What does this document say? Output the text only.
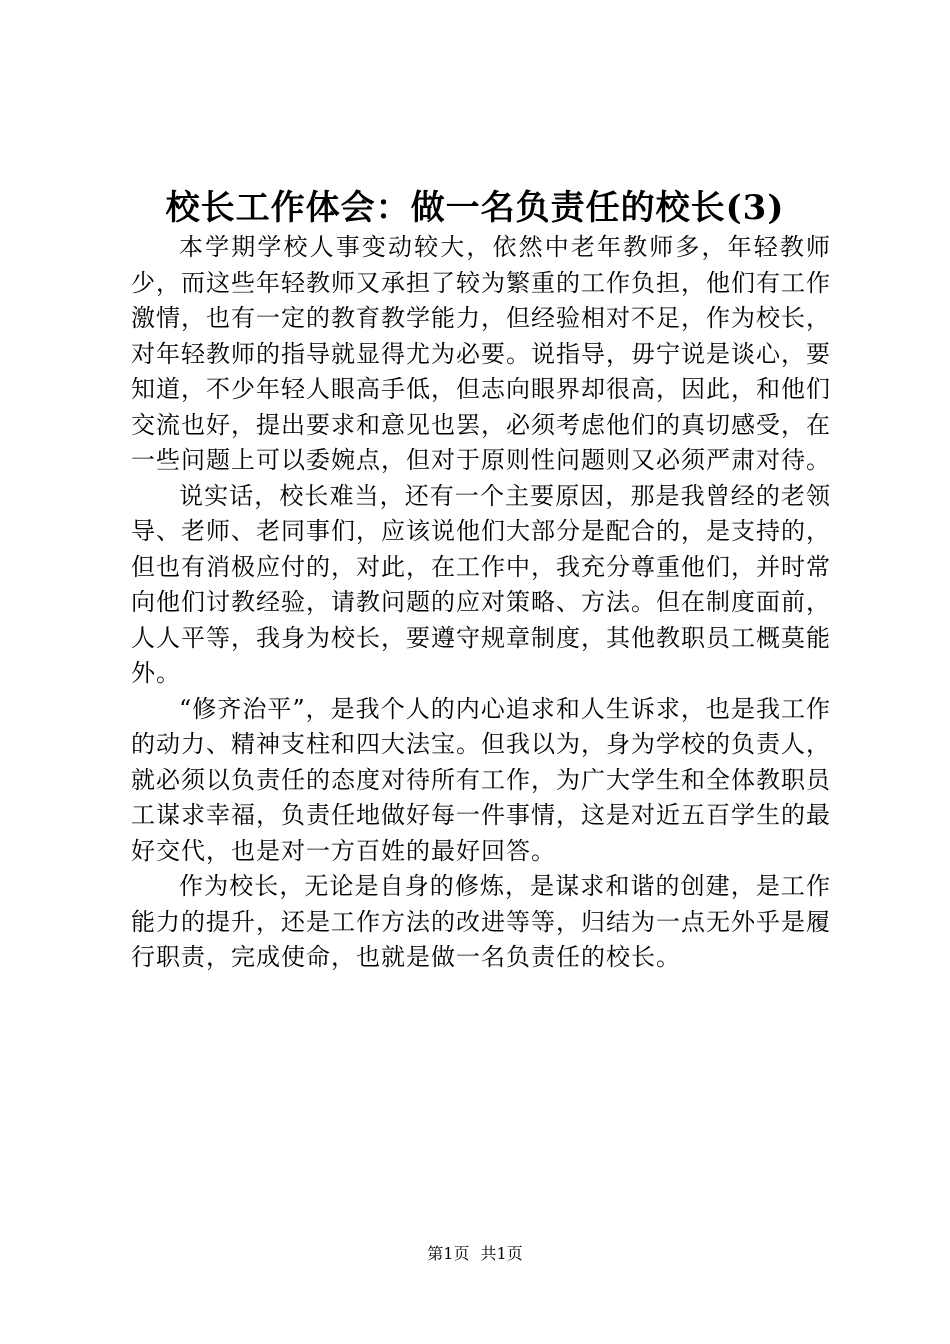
校长工作体会：做一名负责任的校长(3)

本学期学校人事变动较大，依然中老年教师多，年轻教师少，而这些年轻教师又承担了较为繁重的工作负担，他们有工作激情，也有一定的教育教学能力，但经验相对不足，作为校长，对年轻教师的指导就显得尤为必要。说指导，毋宁说是谈心，要知道，不少年轻人眼高手低，但志向眼界却很高，因此，和他们交流也好，提出要求和意见也罢，必须考虑他们的真切感受，在一些问题上可以委婉点，但对于原则性问题则又必须严肃对待。

说实话，校长难当，还有一个主要原因，那是我曾经的老领导、老师、老同事们，应该说他们大部分是配合的，是支持的，但也有消极应付的，对此，在工作中，我充分尊重他们，并时常向他们讨教经验，请教问题的应对策略、方法。但在制度面前，人人平等，我身为校长，要遵守规章制度，其他教职员工概莫能外。

“修齐治平”，是我个人的内心追求和人生诉求，也是我工作的动力、精神支柱和四大法宝。但我以为，身为学校的负责人，就必须以负责任的态度对待所有工作，为广大学生和全体教职员工谋求幸福，负责任地做好每一件事情，这是对近五百学生的最好交代，也是对一方百姓的最好回答。

作为校长，无论是自身的修炼，是谋求和谐的创建，是工作能力的提升，还是工作方法的改进等等，归结为一点无外乎是履行职责，完成使命，也就是做一名负责任的校长。

第1页 共1页
